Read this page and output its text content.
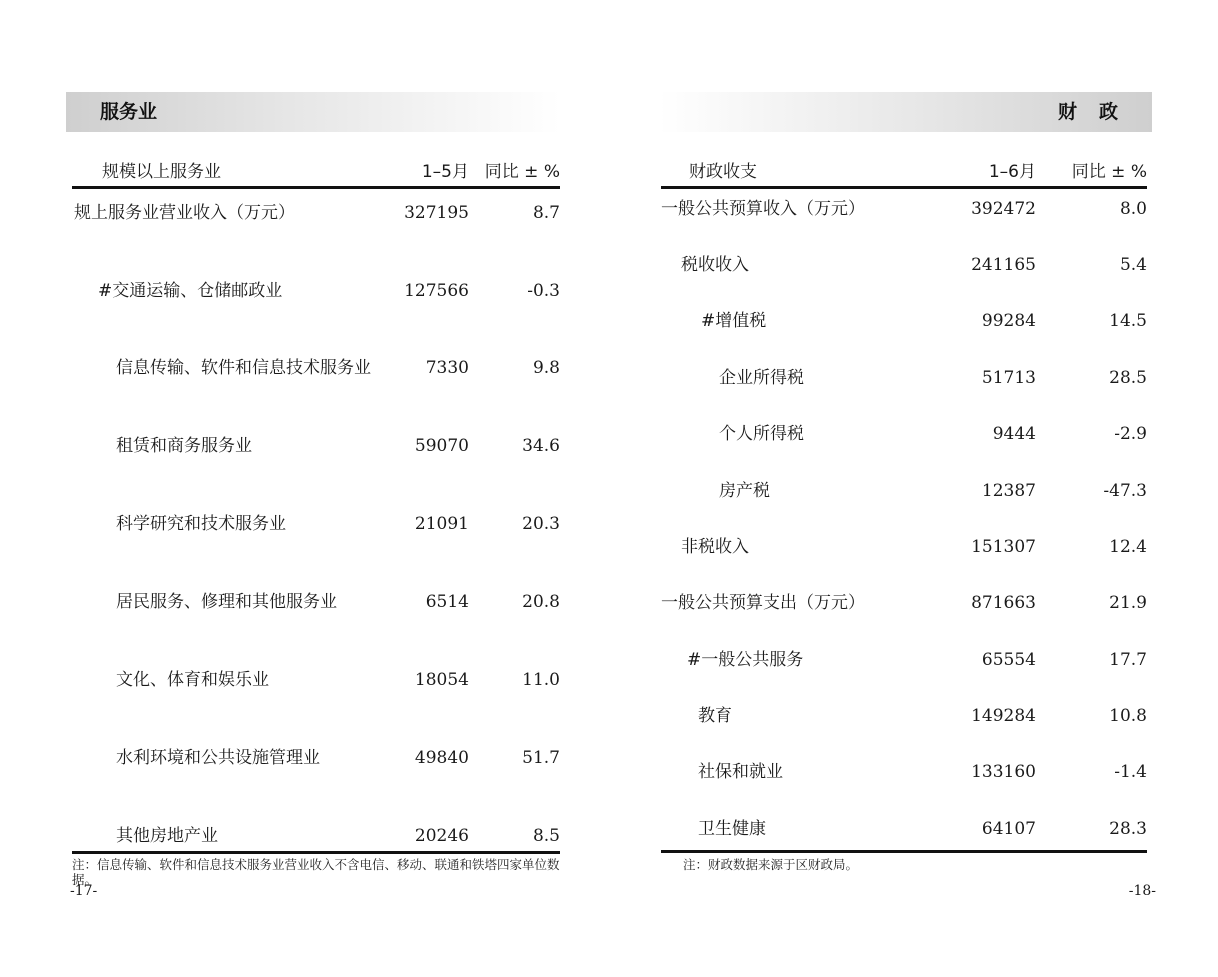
服务业
规模以上服务业	1–5月 同比 ± %
规上服务业营业收入（万元）	327195	8.7
#交通运输、仓储邮政业	127566	-0.3
信息传输、软件和信息技术服务业	7330	9.8
租赁和商务服务业	59070	34.6
科学研究和技术服务业	21091	20.3
居民服务、修理和其他服务业	6514	20.8
文化、体育和娱乐业	18054	11.0
水利环境和公共设施管理业	49840	51.7
其他房地产业	20246	8.5
注：信息传输、软件和信息技术服务业营业收入不含电信、移动、联通和铁塔四家单位数据。
-17-
财政
财政收支	1–6月 同比 ± %
一般公共预算收入（万元）	392472	8.0
税收收入	241165	5.4
#增值税	99284	14.5
企业所得税	51713	28.5
个人所得税	9444	-2.9
房产税	12387	-47.3
非税收入	151307	12.4
一般公共预算支出（万元）	871663	21.9
#一般公共服务	65554	17.7
教育	149284	10.8
社保和就业	133160	-1.4
卫生健康	64107	28.3
注：财政数据来源于区财政局。
-18-
